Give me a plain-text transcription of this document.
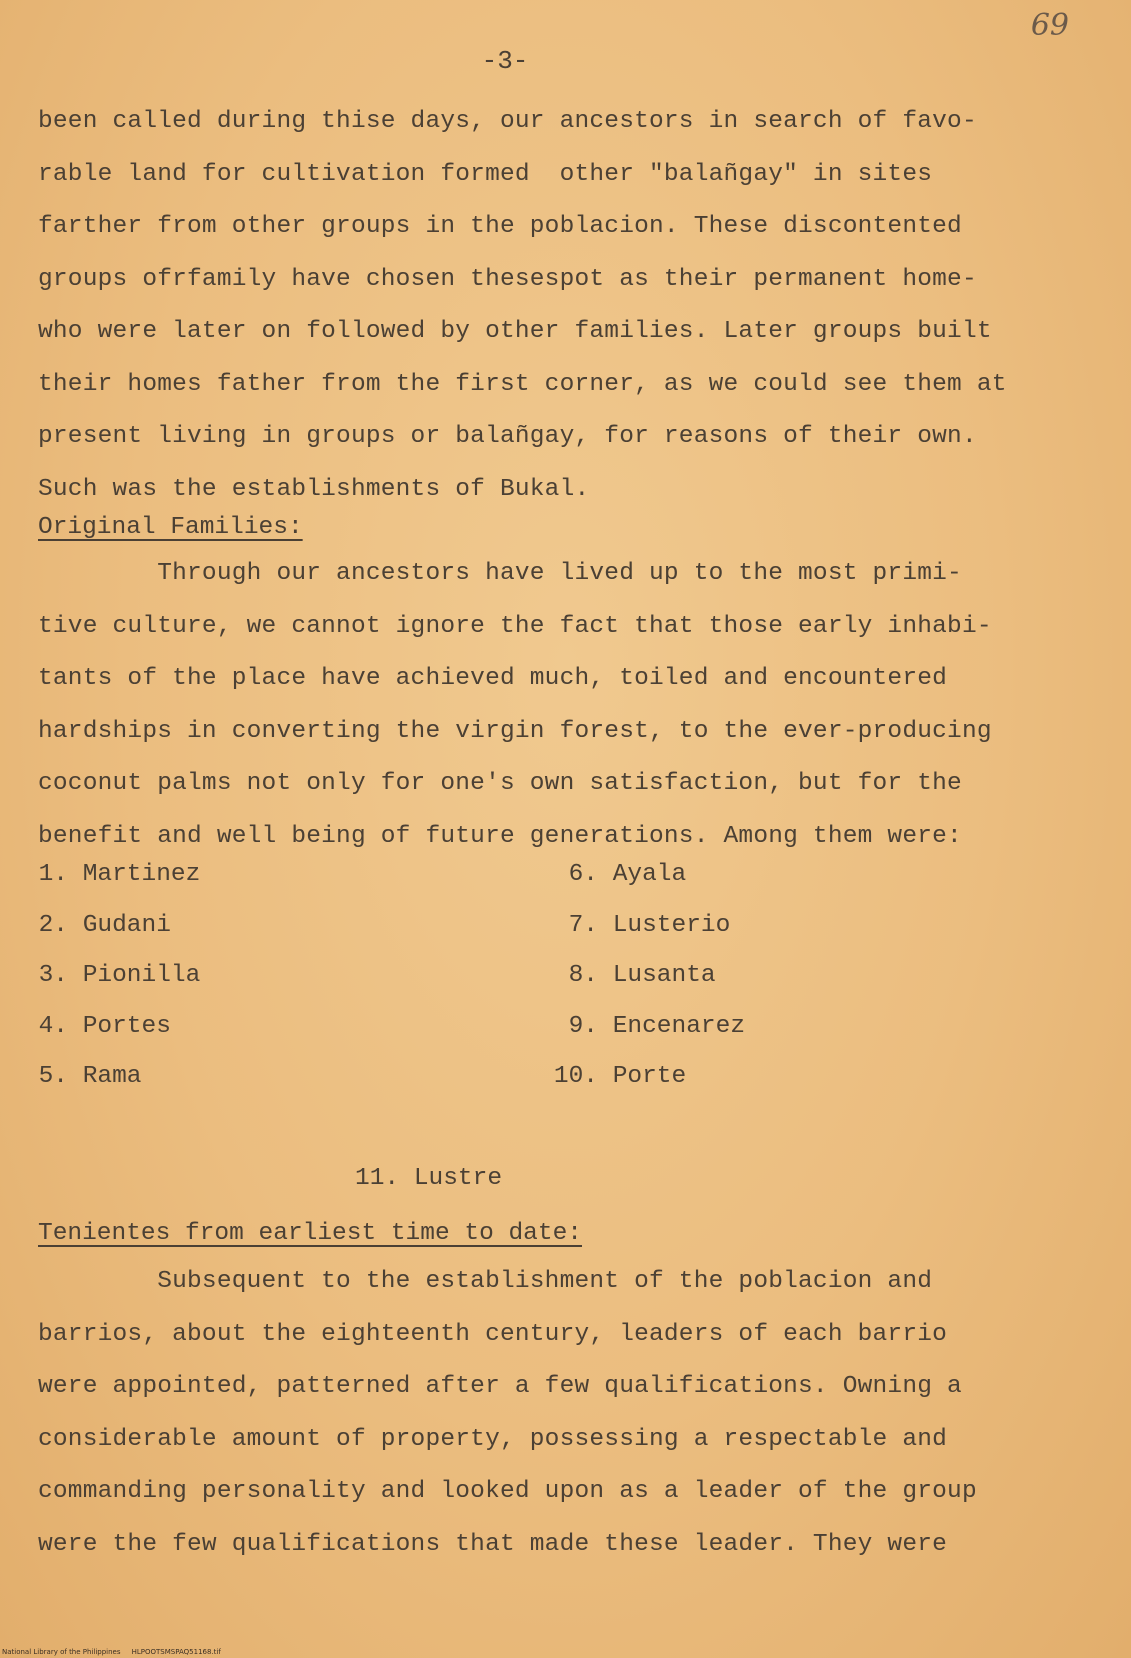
69
-3-

been called during thise days, our ancestors in search of favo-
rable land for cultivation formed  other "balañgay" in sites
farther from other groups in the poblacion. These discontented
groups ofrfamily have chosen thesespot as their permanent home-
who were later on followed by other families. Later groups built
their homes father from the first corner, as we could see them at
present living in groups or balañgay, for reasons of their own.
Such was the establishments of Bukal.

Original Families:

Through our ancestors have lived up to the most primi-
tive culture, we cannot ignore the fact that those early inhabi-
tants of the place have achieved much, toiled and encountered
hardships in converting the virgin forest, to the ever-producing
coconut palms not only for one's own satisfaction, but for the
benefit and well being of future generations. Among them were:

1. Martinez
2. Gudani
3. Pionilla
4. Portes
5. Rama
6. Ayala
7. Lusterio
8. Lusanta
9. Encenarez
10. Porte
11. Lustre
Tenientes from earliest time to date:

Subsequent to the establishment of the poblacion and
barrios, about the eighteenth century, leaders of each barrio
were appointed, patterned after a few qualifications. Owning a
considerable amount of property, possessing a respectable and
commanding personality and looked upon as a leader of the group
were the few qualifications that made these leader. They were

National Library of the Philippines     HLPOOTSMSPAQ51168.tif
